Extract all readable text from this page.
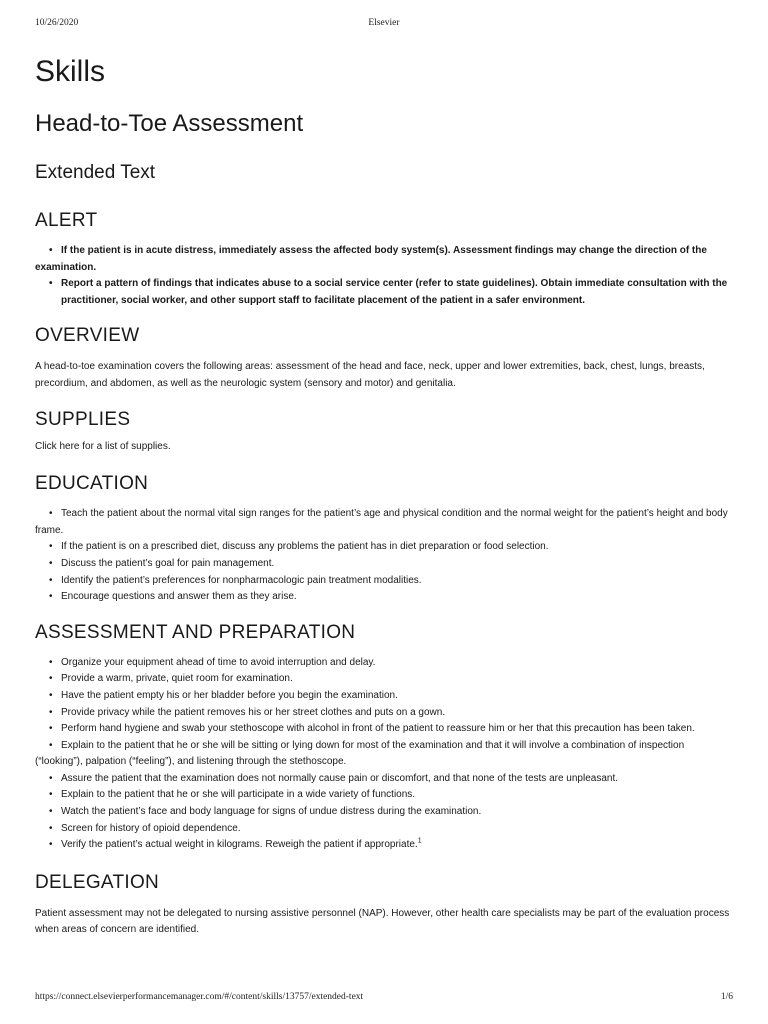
10/26/2020	Elsevier
Skills
Head-to-Toe Assessment
Extended Text
ALERT
• If the patient is in acute distress, immediately assess the affected body system(s). Assessment findings may change the direction of the examination.
• Report a pattern of findings that indicates abuse to a social service center (refer to state guidelines). Obtain immediate consultation with the practitioner, social worker, and other support staff to facilitate placement of the patient in a safer environment.
OVERVIEW

A head-to-toe examination covers the following areas: assessment of the head and face, neck, upper and lower extremities, back, chest, lungs, breasts, precordium, and abdomen, as well as the neurologic system (sensory and motor) and genitalia.

SUPPLIES

Click here for a list of supplies.

EDUCATION
• Teach the patient about the normal vital sign ranges for the patient’s age and physical condition and the normal weight for the patient’s height and body frame.
• If the patient is on a prescribed diet, discuss any problems the patient has in diet preparation or food selection.
• Discuss the patient’s goal for pain management.
• Identify the patient’s preferences for nonpharmacologic pain treatment modalities.
• Encourage questions and answer them as they arise.
ASSESSMENT AND PREPARATION
• Organize your equipment ahead of time to avoid interruption and delay.
• Provide a warm, private, quiet room for examination.
• Have the patient empty his or her bladder before you begin the examination.
• Provide privacy while the patient removes his or her street clothes and puts on a gown.
• Perform hand hygiene and swab your stethoscope with alcohol in front of the patient to reassure him or her that this precaution has been taken.
• Explain to the patient that he or she will be sitting or lying down for most of the examination and that it will involve a combination of inspection (“looking”), palpation (“feeling”), and listening through the stethoscope.
• Assure the patient that the examination does not normally cause pain or discomfort, and that none of the tests are unpleasant.
• Explain to the patient that he or she will participate in a wide variety of functions.
• Watch the patient’s face and body language for signs of undue distress during the examination.
• Screen for history of opioid dependence.
• Verify the patient’s actual weight in kilograms. Reweigh the patient if appropriate.$^1$
DELEGATION

Patient assessment may not be delegated to nursing assistive personnel (NAP). However, other health care specialists may be part of the evaluation process when areas of concern are identified.

https://connect.elsevierperformancemanager.com/#/content/skills/13757/extended-text	1/6
